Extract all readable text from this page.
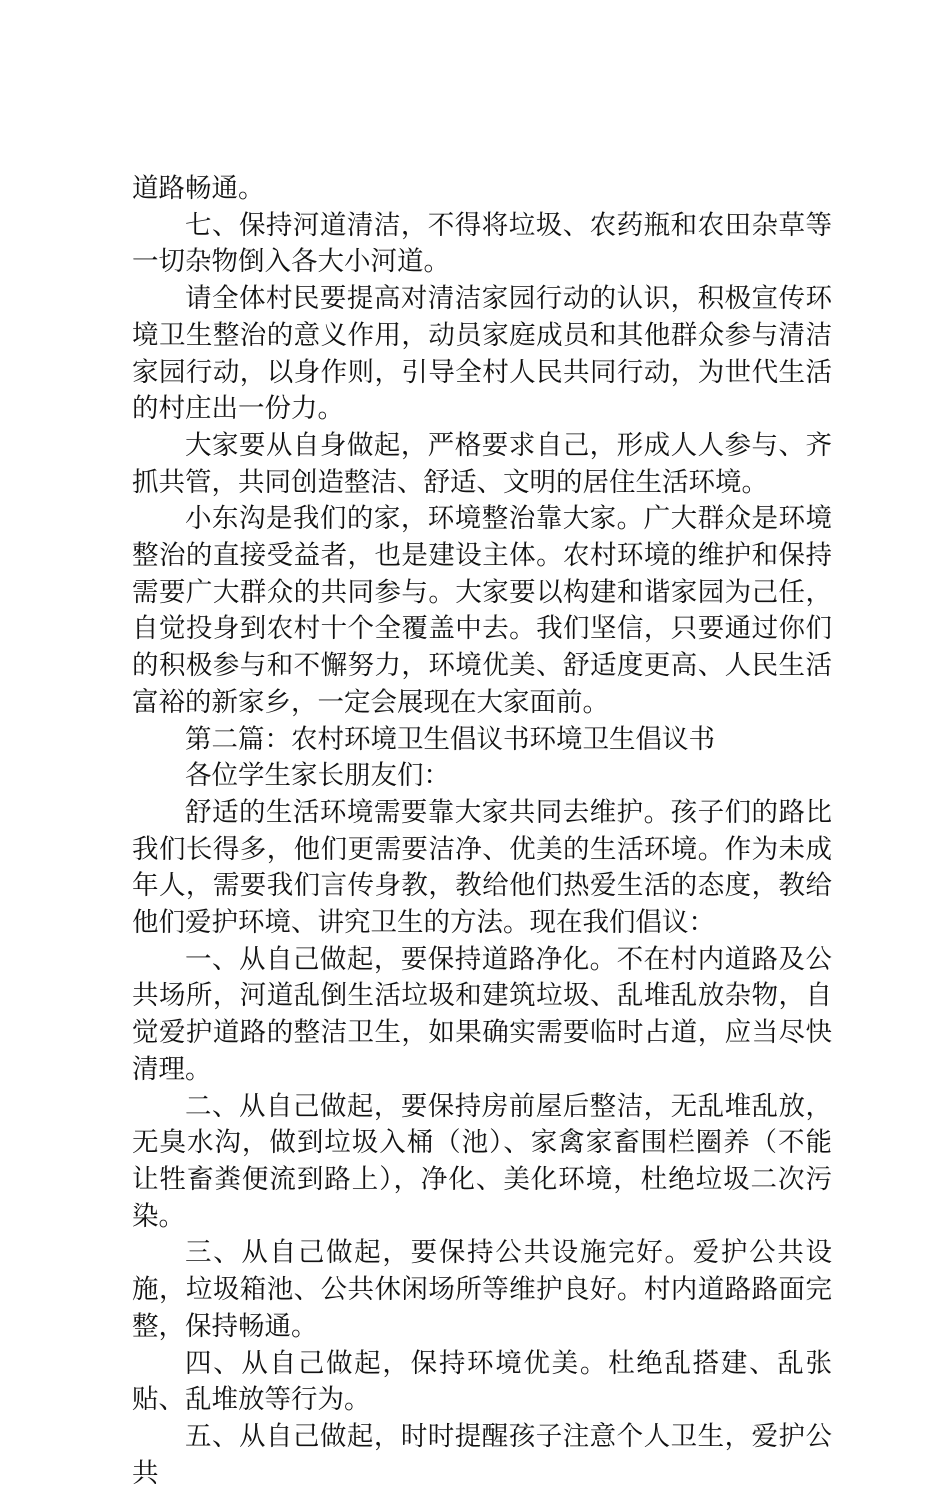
道路畅通。

七、保持河道清洁，不得将垃圾、农药瓶和农田杂草等一切杂物倒入各大小河道。

请全体村民要提高对清洁家园行动的认识，积极宣传环境卫生整治的意义作用，动员家庭成员和其他群众参与清洁家园行动，以身作则，引导全村人民共同行动，为世代生活的村庄出一份力。

大家要从自身做起，严格要求自己，形成人人参与、齐抓共管，共同创造整洁、舒适、文明的居住生活环境。

小东沟是我们的家，环境整治靠大家。广大群众是环境整治的直接受益者，也是建设主体。农村环境的维护和保持需要广大群众的共同参与。大家要以构建和谐家园为己任，自觉投身到农村十个全覆盖中去。我们坚信，只要通过你们的积极参与和不懈努力，环境优美、舒适度更高、人民生活富裕的新家乡，一定会展现在大家面前。

第二篇：农村环境卫生倡议书环境卫生倡议书

各位学生家长朋友们：

舒适的生活环境需要靠大家共同去维护。孩子们的路比我们长得多，他们更需要洁净、优美的生活环境。作为未成年人，需要我们言传身教，教给他们热爱生活的态度，教给他们爱护环境、讲究卫生的方法。现在我们倡议：

一、从自己做起，要保持道路净化。不在村内道路及公共场所，河道乱倒生活垃圾和建筑垃圾、乱堆乱放杂物，自觉爱护道路的整洁卫生，如果确实需要临时占道，应当尽快清理。

二、从自己做起，要保持房前屋后整洁，无乱堆乱放，无臭水沟，做到垃圾入桶（池）、家禽家畜围栏圈养（不能让牲畜粪便流到路上），净化、美化环境，杜绝垃圾二次污染。

三、从自己做起，要保持公共设施完好。爱护公共设施，垃圾箱池、公共休闲场所等维护良好。村内道路路面完整，保持畅通。

四、从自己做起，保持环境优美。杜绝乱搭建、乱张贴、乱堆放等行为。

五、从自己做起，时时提醒孩子注意个人卫生，爱护公共
